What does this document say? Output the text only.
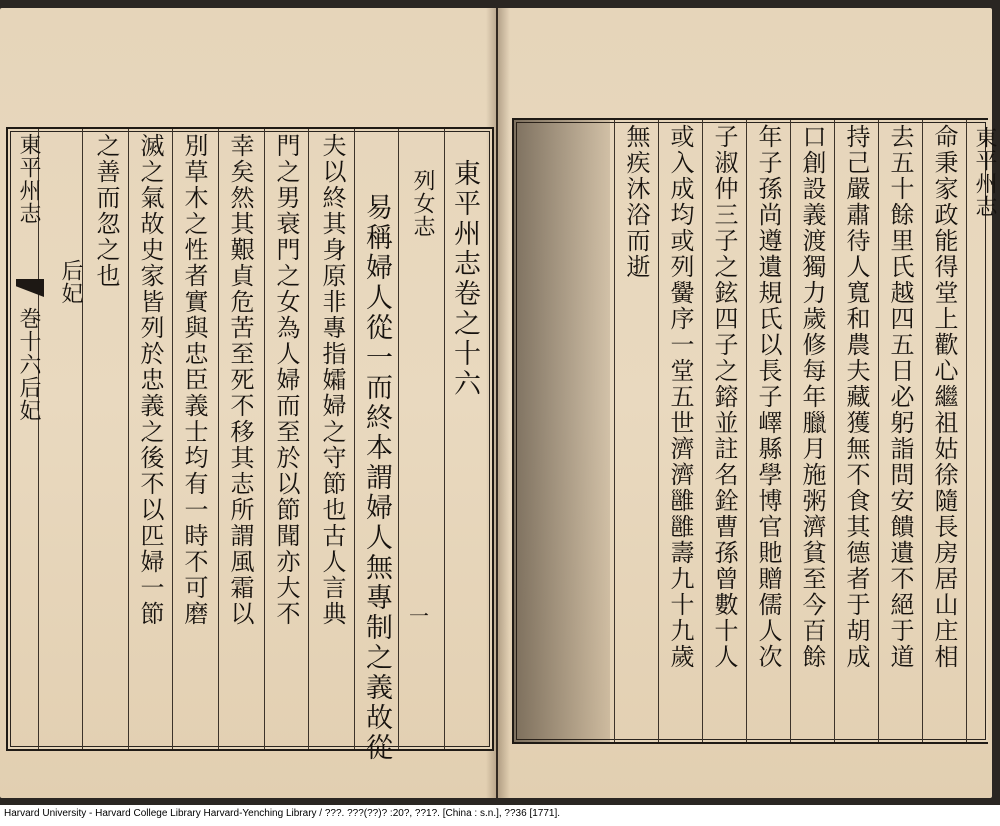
東平州志
巻十六后妃	東平州志卷之十六
列女志
易稱婦人從一而終本謂婦人無專制之義故從
夫以終其身原非專指孀婦之守節也古人言典
門之男衰門之女為人婦而至於以節聞亦大不
幸矣然其艱貞危苦至死不移其志所謂風霜以
別草木之性者實與忠臣義士均有一時不可磨
滅之氣故史家皆列於忠義之後不以匹婦一節
之善而忽之也
后妃
一
東平州志
命秉家政能得堂上歡心繼祖姑徐隨長房居山庄相
去五十餘里氏越四五日必躬詣問安饋遺不絕于道
持己嚴肅待人寬和農夫藏獲無不食其德者于胡成
口創設義渡獨力歲修每年臘月施粥濟貧至今百餘
年子孫尚遵遺規氏以長子嶧縣學博官貤贈儒人次
子淑仲三子之鉉四子之鎔並註名銓曹孫曾數十人
或入成均或列黌序一堂五世濟濟雝雝壽九十九歲
無疾沐浴而逝
Harvard University - Harvard College Library Harvard-Yenching Library / ???. ???(??)? :20?, ??1?. [China : s.n.], ??36 [1771].
